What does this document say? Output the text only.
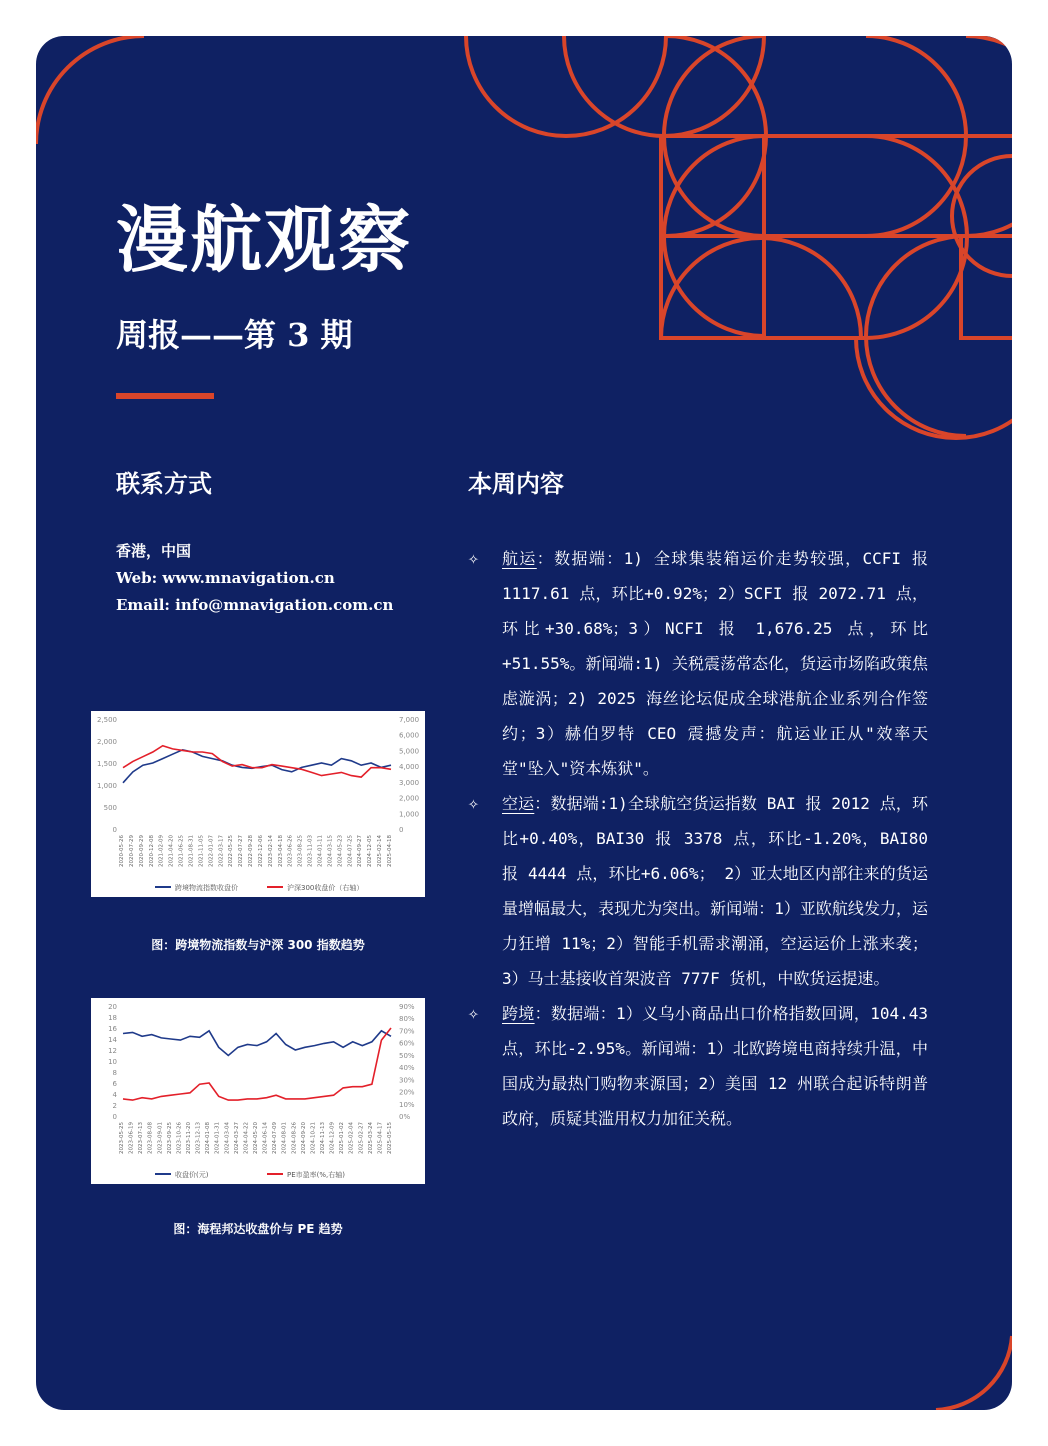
漫航观察
周报——第 3 期
联系方式
香港，中国
Web: www.mnavigation.cn
Email: info@mnavigation.com.cn
2,500
2,000
1,500
1,000
500
0
7,000
6,000
5,000
4,000
3,000
2,000
1,000
0
2020-05-26 2020-07-29 2020-09-29 2020-12-08 2021-02-09 2021-04-20 2021-06-25 2021-08-31 2021-11-05 2022-01-07 2022-03-17 2022-05-25 2022-07-27 2022-09-28 2022-12-06 2023-02-14 2023-04-18 2023-06-26 2023-08-25 2023-11-03 2024-01-11 2024-03-15 2024-05-23 2024-07-25 2024-09-27 2024-12-05 2025-02-14 2025-04-18
跨境物流指数收盘价	沪深300收盘价（右轴）
图：跨境物流指数与沪深 300 指数趋势
20
18
16
14
12
10
8
6
4
2
0
90%
80%
70%
60%
50%
40%
30%
20%
10%
0%
2023-05-25 2023-06-19 2023-07-13 2023-08-08 2023-09-01 2023-09-25 2023-10-26 2023-11-20 2023-12-13 2024-01-08 2024-01-31 2024-03-04 2024-03-27 2024-04-22 2024-05-20 2024-06-14 2024-07-09 2024-08-01 2024-08-26 2024-09-20 2024-10-21 2024-11-13 2024-12-09 2025-01-02 2025-02-04 2025-02-27 2025-03-24 2025-04-17 2025-05-15
收盘价(元)	PE市盈率(%,右轴)
图：海程邦达收盘价与 PE 趋势
本周内容
✧ 航运：数据端：1) 全球集装箱运价走势较强，CCFI 报 1117.61 点，环比+0.92%；2）SCFI 报 2072.71 点，环比+30.68%；3）NCFI 报 1,676.25 点，环比+51.55%。新闻端:1) 关税震荡常态化，货运市场陷政策焦虑漩涡；2) 2025 海丝论坛促成全球港航企业系列合作签约；3）赫伯罗特 CEO 震撼发声：航运业正从"效率天堂"坠入"资本炼狱"。
✧ 空运：数据端:1)全球航空货运指数 BAI 报 2012 点，环比+0.40%，BAI30 报 3378 点，环比-1.20%，BAI80 报 4444 点，环比+6.06%； 2）亚太地区内部往来的货运量增幅最大，表现尤为突出。新闻端：1）亚欧航线发力，运力狂增 11%；2）智能手机需求潮涌，空运运价上涨来袭；3）马士基接收首架波音 777F 货机，中欧货运提速。
✧ 跨境：数据端：1）义乌小商品出口价格指数回调，104.43 点，环比-2.95%。新闻端：1）北欧跨境电商持续升温，中国成为最热门购物来源国；2）美国 12 州联合起诉特朗普政府，质疑其滥用权力加征关税。
